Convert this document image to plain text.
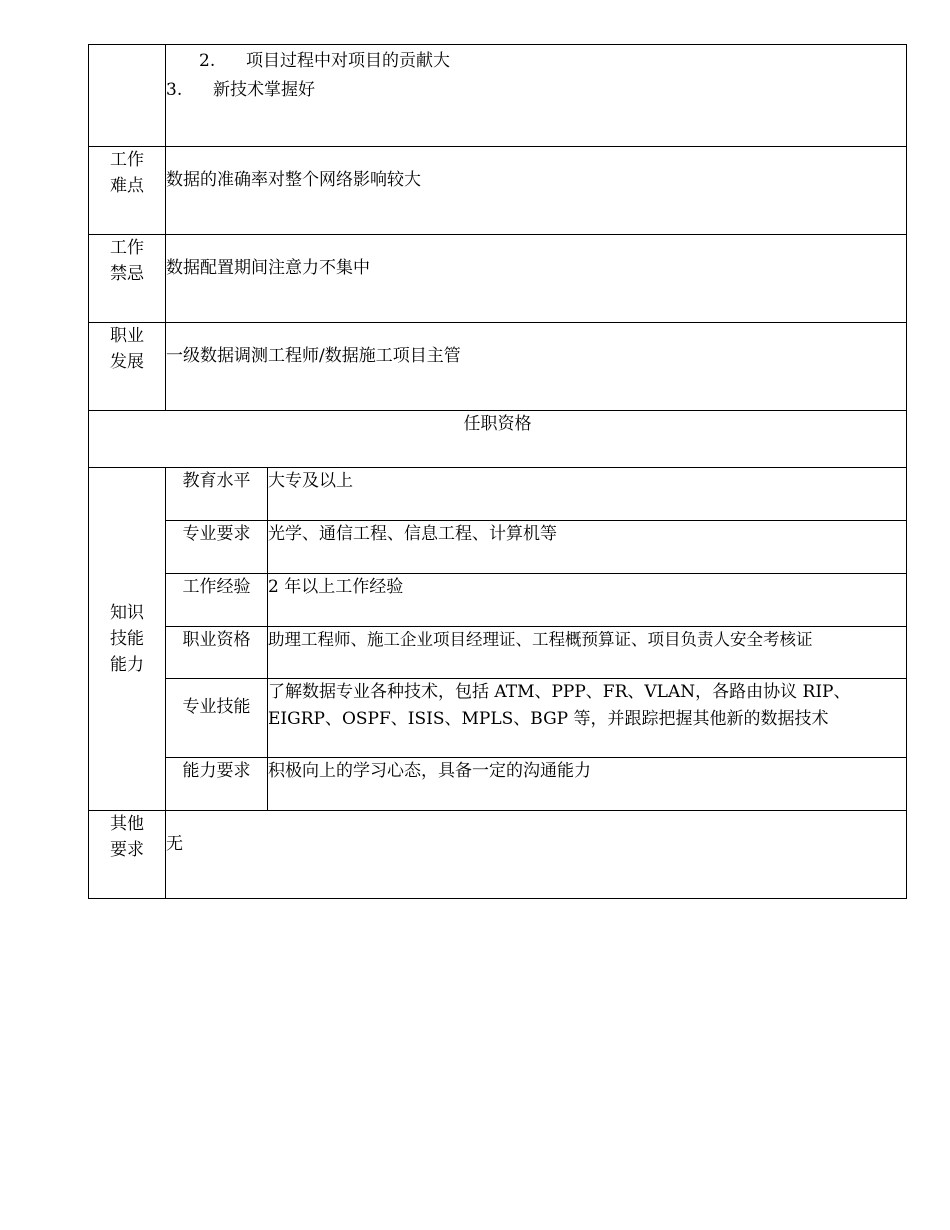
	2. 项目过程中对项目的贡献大
3. 新技术掌握好	

工作
难点	数据的准确率对整个网络影响较大	

工作
禁忌	数据配置期间注意力不集中	

职业
发展	一级数据调测工程师/数据施工项目主管	
任职资格		

知识
技能
能力	教育水平	大专及以上
	专业要求	光学、通信工程、信息工程、计算机等
	工作经验	2 年以上工作经验
	职业资格	助理工程师、施工企业项目经理证、工程概预算证、项目负责人安全考核证
	专业技能	了解数据专业各种技术，包括 ATM、PPP、FR、VLAN，各路由协议 RIP、EIGRP、OSPF、ISIS、MPLS、BGP 等，并跟踪把握其他新的数据技术
	能力要求	积极向上的学习心态，具备一定的沟通能力

其他
要求	无	
